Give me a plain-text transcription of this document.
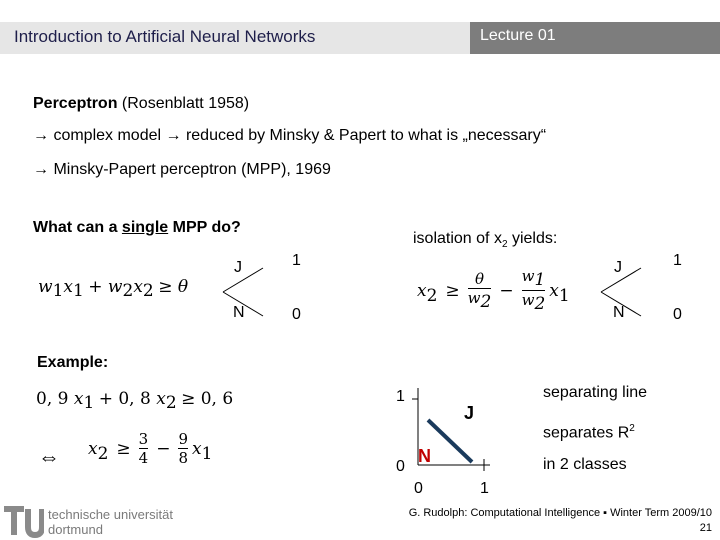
Introduction to Artificial Neural Networks	Lecture 01
Perceptron (Rosenblatt 1958)
→ complex model → reduced by Minsky & Papert to what is „necessary“
→ Minsky-Papert perceptron (MPP), 1969
What can a single MPP do?
isolation of $x_2$ yields:
$w_1x_1 + w_2x_2 \ge \theta$
J
N
1
0
x $2 \ge \frac{\theta}{w_2} - \frac{w_1}{w_2}$ x 1
J
N
1
0
Example:
0, 9 $x_1 + 0$, 8 $x_2 \ge 0$, 6
⇔ x $2 \ge \frac{3}{4} - \frac{9}{8}$ x 1
1
0
0	1
J
N
separating line
separates $R^2$
in 2 classes
technische universität
dortmund
G. Rudolph: Computational Intelligence ▪ Winter Term 2009/10
21
